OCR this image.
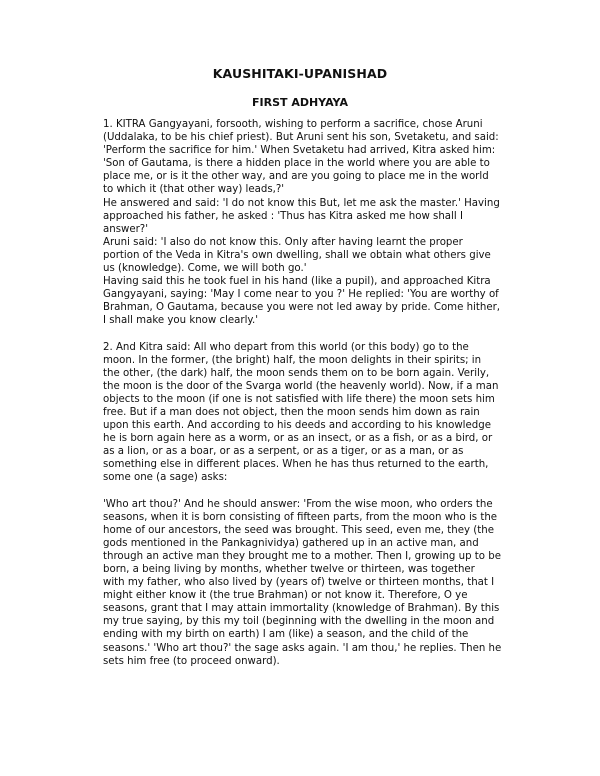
KAUSHITAKI-UPANISHAD
FIRST ADHYAYA

1. KITRA Gangyayani, forsooth, wishing to perform a sacrifice, chose Aruni
(Uddalaka, to be his chief priest). But Aruni sent his son, Svetaketu, and said:
'Perform the sacrifice for him.' When Svetaketu had arrived, Kitra asked him:
'Son of Gautama, is there a hidden place in the world where you are able to
place me, or is it the other way, and are you going to place me in the world
to which it (that other way) leads,?'
He answered and said: 'I do not know this But, let me ask the master.' Having
approached his father, he asked : 'Thus has Kitra asked me how shall I
answer?'
Aruni said: 'I also do not know this. Only after having learnt the proper
portion of the Veda in Kitra's own dwelling, shall we obtain what others give
us (knowledge). Come, we will both go.'
Having said this he took fuel in his hand (like a pupil), and approached Kitra
Gangyayani, saying: 'May I come near to you ?' He replied: 'You are worthy of
Brahman, O Gautama, because you were not led away by pride. Come hither,
I shall make you know clearly.'

2. And Kitra said: All who depart from this world (or this body) go to the
moon. In the former, (the bright) half, the moon delights in their spirits; in
the other, (the dark) half, the moon sends them on to be born again. Verily,
the moon is the door of the Svarga world (the heavenly world). Now, if a man
objects to the moon (if one is not satisfied with life there) the moon sets him
free. But if a man does not object, then the moon sends him down as rain
upon this earth. And according to his deeds and according to his knowledge
he is born again here as a worm, or as an insect, or as a fish, or as a bird, or
as a lion, or as a boar, or as a serpent, or as a tiger, or as a man, or as
something else in different places. When he has thus returned to the earth,
some one (a sage) asks:

'Who art thou?' And he should answer: 'From the wise moon, who orders the
seasons, when it is born consisting of fifteen parts, from the moon who is the
home of our ancestors, the seed was brought. This seed, even me, they (the
gods mentioned in the Pankagnividya) gathered up in an active man, and
through an active man they brought me to a mother. Then I, growing up to be
born, a being living by months, whether twelve or thirteen, was together
with my father, who also lived by (years of) twelve or thirteen months, that I
might either know it (the true Brahman) or not know it. Therefore, O ye
seasons, grant that I may attain immortality (knowledge of Brahman). By this
my true saying, by this my toil (beginning with the dwelling in the moon and
ending with my birth on earth) I am (like) a season, and the child of the
seasons.' 'Who art thou?' the sage asks again. 'I am thou,' he replies. Then he
sets him free (to proceed onward).
